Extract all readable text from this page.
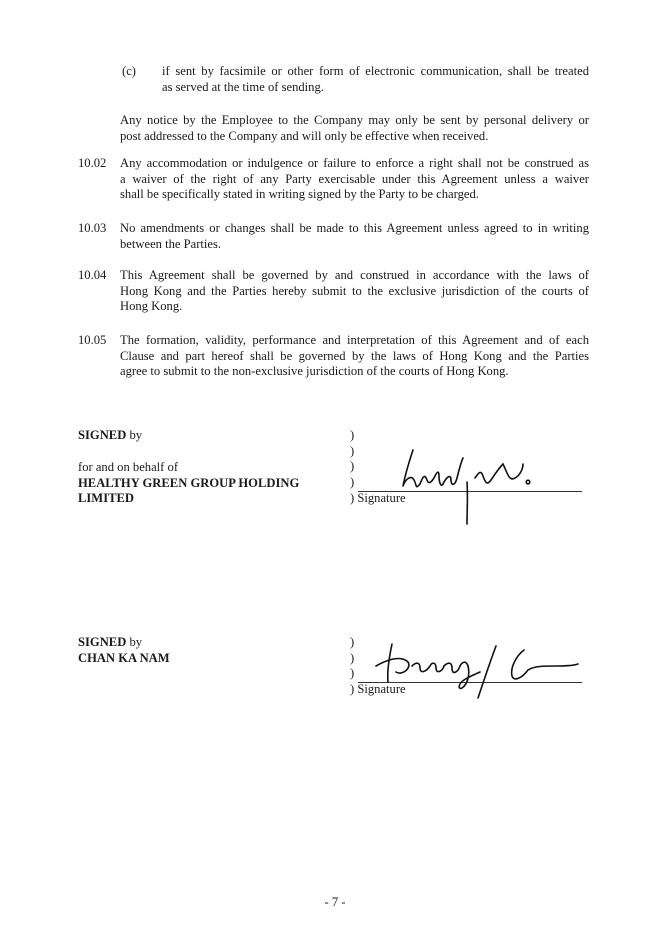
(c) if sent by facsimile or other form of electronic communication, shall be treated
as served at the time of sending.
Any notice by the Employee to the Company may only be sent by personal delivery or
post addressed to the Company and will only be effective when received.
10.02 Any accommodation or indulgence or failure to enforce a right shall not be construed as
a waiver of the right of any Party exercisable under this Agreement unless a waiver
shall be specifically stated in writing signed by the Party to be charged.
10.03 No amendments or changes shall be made to this Agreement unless agreed to in writing
between the Parties.
10.04 This Agreement shall be governed by and construed in accordance with the laws of
Hong Kong and the Parties hereby submit to the exclusive jurisdiction of the courts of
Hong Kong.
10.05 The formation, validity, performance and interpretation of this Agreement and of each
Clause and part hereof shall be governed by the laws of Hong Kong and the Parties
agree to submit to the non-exclusive jurisdiction of the courts of Hong Kong.
SIGNED by
for and on behalf of
HEALTHY GREEN GROUP HOLDING
LIMITED
)
)
)
)
) Signature
SIGNED by
CHAN KA NAM
)
)
)
) Signature
- 7 -
